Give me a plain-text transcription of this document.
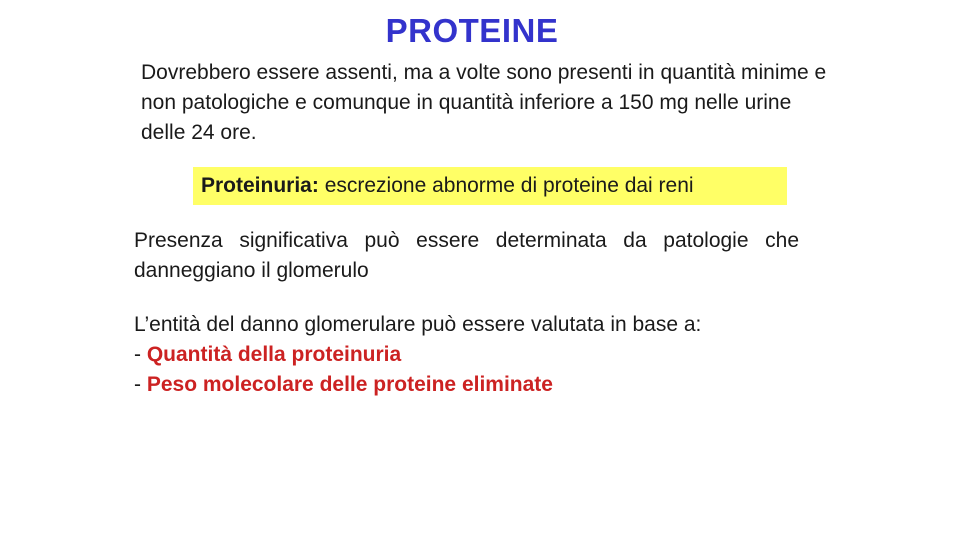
PROTEINE

Dovrebbero essere assenti, ma a volte sono presenti in quantità minime e non patologiche e comunque in quantità inferiore a 150 mg nelle urine delle 24 ore.

Proteinuria: escrezione abnorme di proteine dai reni

Presenza significativa può essere determinata da patologie che danneggiano il glomerulo

L’entità del danno glomerulare può essere valutata in base a:
- Quantità della proteinuria
- Peso molecolare delle proteine eliminate
